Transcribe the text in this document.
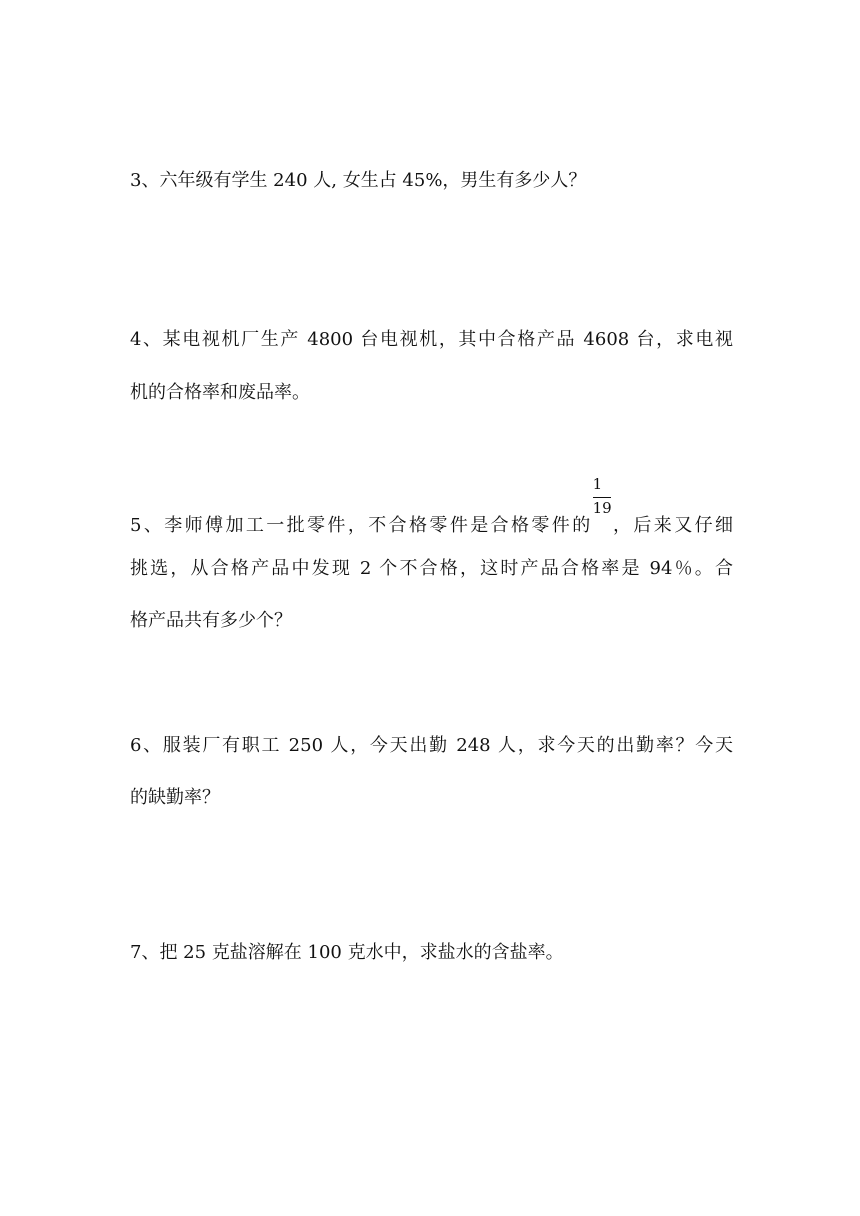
3、六年级有学生 240 人, 女生占 45%，男生有多少人？
4、某电视机厂生产 4800 台电视机，其中合格产品 4608 台，求电视
机的合格率和废品率。
5、李师傅加工一批零件，不合格零件是合格零件的 $\frac{1}{19}$ ，后来又仔细
挑选，从合格产品中发现 2 个不合格，这时产品合格率是 94％。合
格产品共有多少个？
6、服装厂有职工 250 人，今天出勤 248 人，求今天的出勤率？今天
的缺勤率？
7、把 25 克盐溶解在 100 克水中，求盐水的含盐率。
